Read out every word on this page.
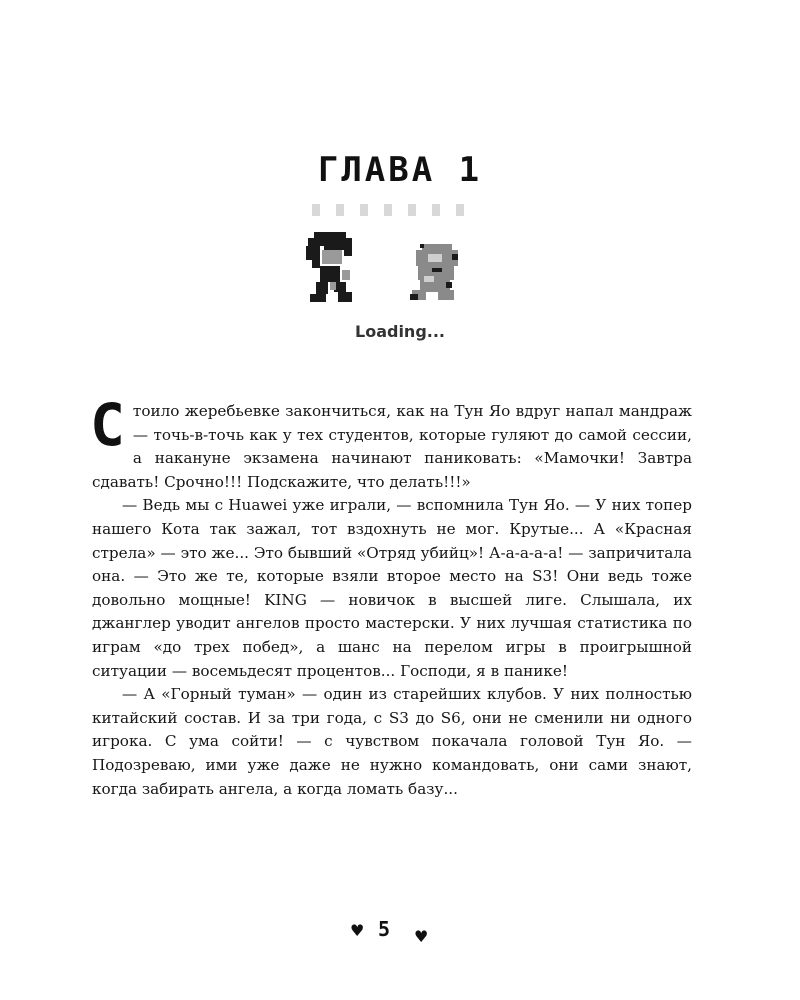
ГЛАВА 1
Loading...

Стоило жеребьевке закончиться, как на Тун Яо вдруг напал мандраж — точь-в-точь как у тех студентов, которые гуляют до самой сессии, а накануне экзамена начинают паниковать: «Мамочки! Завтра сдавать! Срочно!!! Подскажите, что делать!!!»

— Ведь мы с Huawei уже играли, — вспомнила Тун Яо. — У них топер нашего Кота так зажал, тот вздохнуть не мог. Крутые... А «Красная стрела» — это же... Это бывший «Отряд убийц»! А-а-а-а-а! — запричитала она. — Это же те, которые взяли второе место на S3! Они ведь тоже довольно мощные! KING — новичок в высшей лиге. Слышала, их джанглер уводит ангелов просто мастерски. У них лучшая статистика по играм «до трех побед», а шанс на перелом игры в проигрышной ситуации — восемьдесят процентов... Господи, я в панике!

— А «Горный туман» — один из старейших клубов. У них полностью китайский состав. И за три года, с S3 до S6, они не сменили ни одного игрока. С ума сойти! — с чувством покачала головой Тун Яо. — Подозреваю, ими уже даже не нужно командовать, они сами знают, когда забирать ангела, а когда ломать базу...

♥ 5 ♥
